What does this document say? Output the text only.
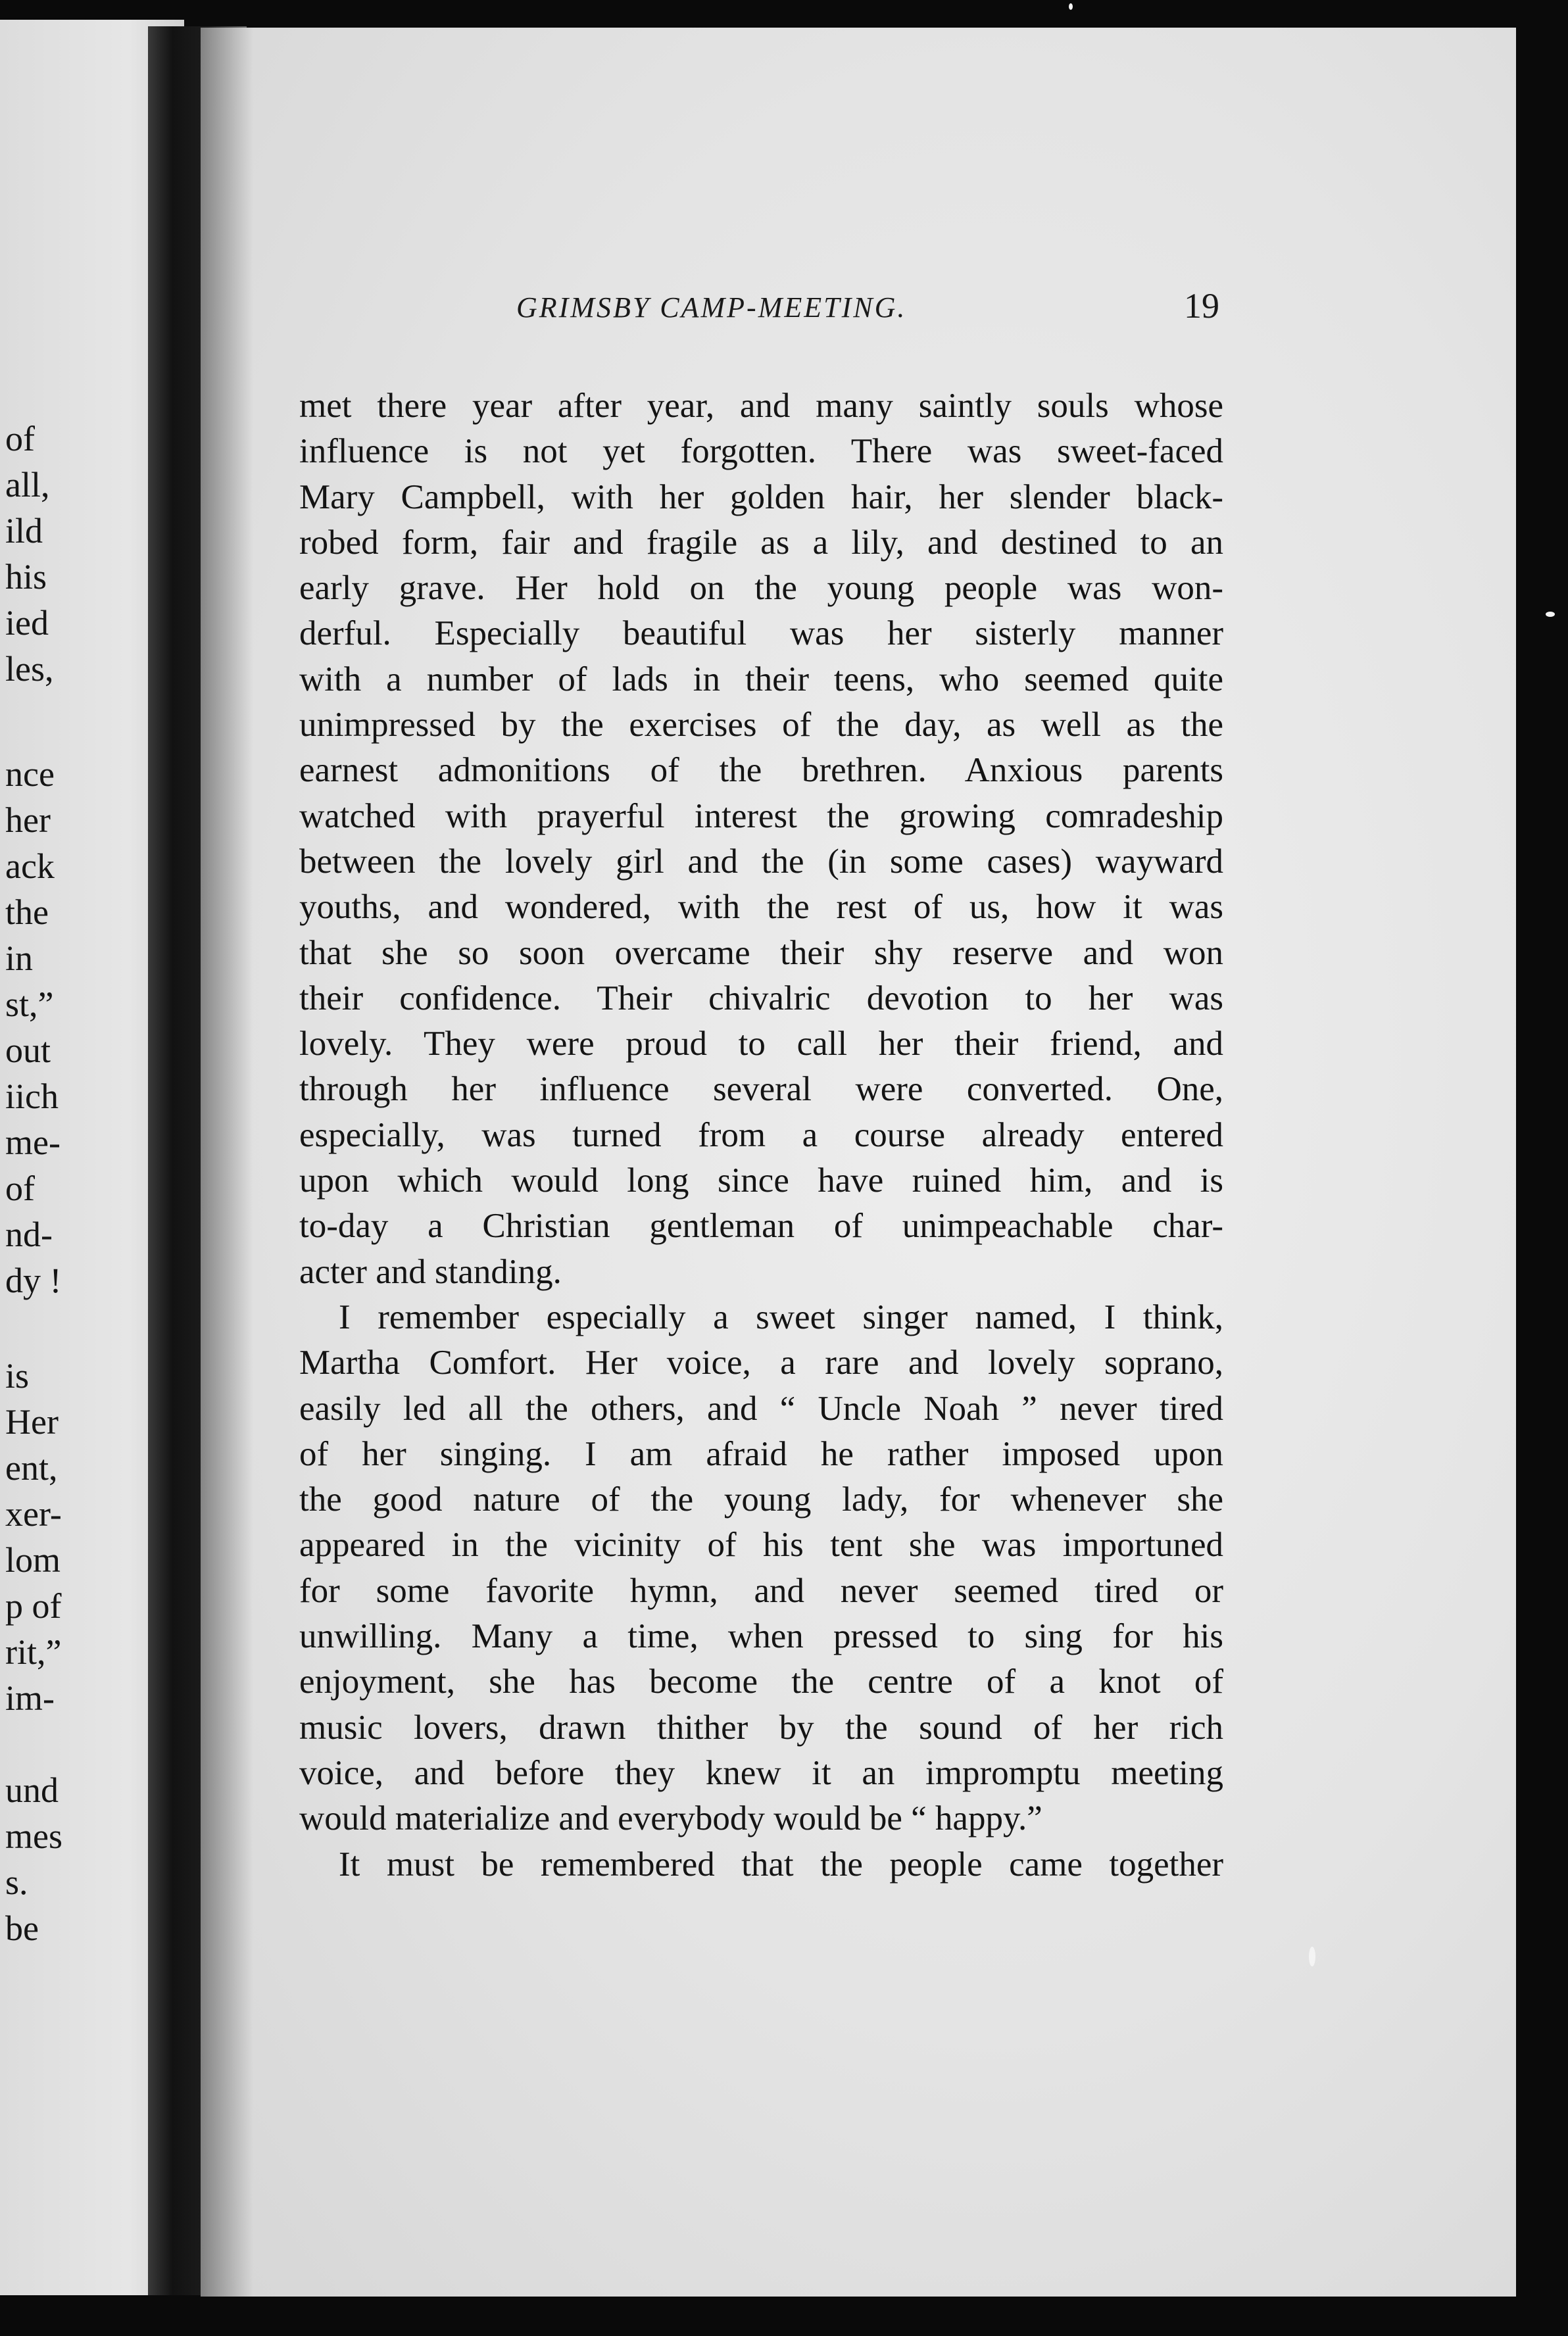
of
all,
ild
his
ied
les,
nce
her
ack
the
in
st,”
out
iich
me-
of
nd-
dy !
is
Her
ent,
xer-
lom
p of
rit,”
im-
und
mes
s.
be
GRIMSBY CAMP-MEETING.	19
met there year after year, and many saintly souls whose
influence is not yet forgotten. There was sweet-faced
Mary Campbell, with her golden hair, her slender black-
robed form, fair and fragile as a lily, and destined to an
early grave. Her hold on the young people was won-
derful. Especially beautiful was her sisterly manner
with a number of lads in their teens, who seemed quite
unimpressed by the exercises of the day, as well as the
earnest admonitions of the brethren. Anxious parents
watched with prayerful interest the growing comradeship
between the lovely girl and the (in some cases) wayward
youths, and wondered, with the rest of us, how it was
that she so soon overcame their shy reserve and won
their confidence. Their chivalric devotion to her was
lovely. They were proud to call her their friend, and
through her influence several were converted. One,
especially, was turned from a course already entered
upon which would long since have ruined him, and is
to-day a Christian gentleman of unimpeachable char-
acter and standing.
I remember especially a sweet singer named, I think,
Martha Comfort. Her voice, a rare and lovely soprano,
easily led all the others, and “ Uncle Noah ” never tired
of her singing. I am afraid he rather imposed upon
the good nature of the young lady, for whenever she
appeared in the vicinity of his tent she was importuned
for some favorite hymn, and never seemed tired or
unwilling. Many a time, when pressed to sing for his
enjoyment, she has become the centre of a knot of
music lovers, drawn thither by the sound of her rich
voice, and before they knew it an impromptu meeting
would materialize and everybody would be “ happy.”
It must be remembered that the people came together
